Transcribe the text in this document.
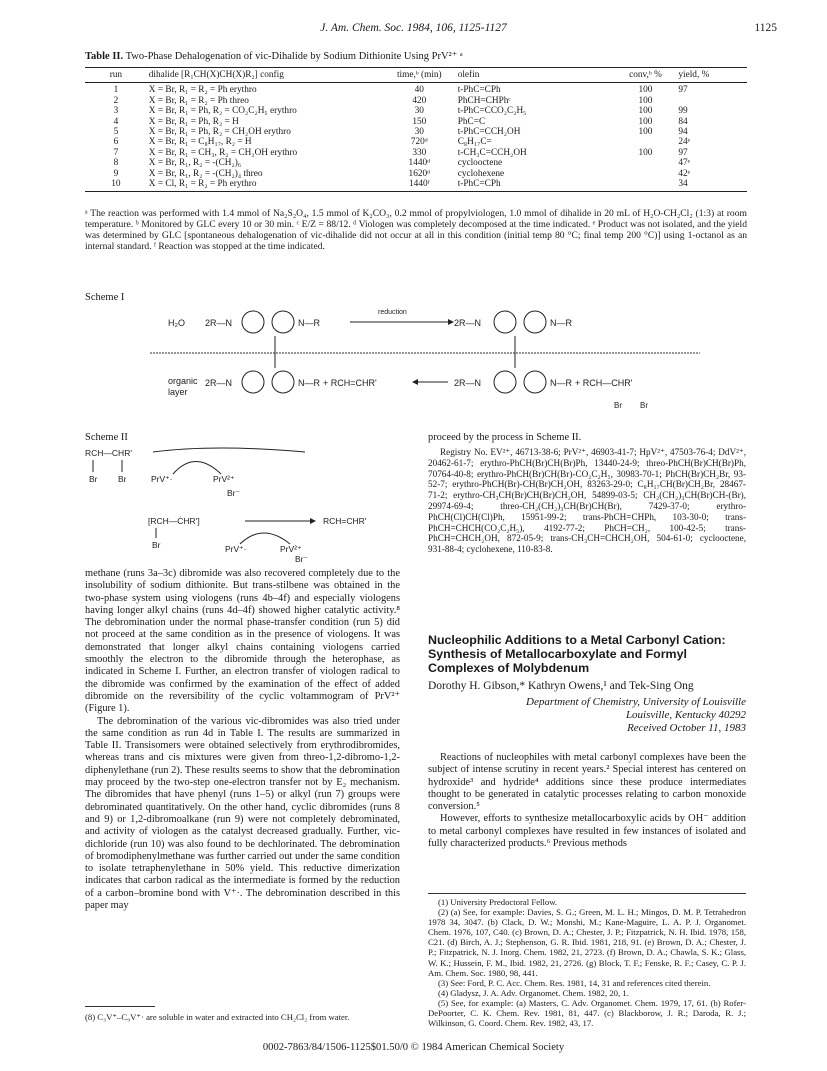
J. Am. Chem. Soc. 1984, 106, 1125-1127	1125
Table II. Two-Phase Dehalogenation of vic-Dihalide by Sodium Dithionite Using PrV²⁺ ᵃ
run	dihalide [R₁CH(X)CH(X)R₂] config	time,ᵇ (min)	olefin	conv,ᵇ %	yield, %
1	X = Br, R₁ = R₂ = Ph erythro	40	t-PhC=CPh	100	97
2	X = Br, R₁ = R₂ = Ph threo	420	PhCH=CHPhᶜ	100	
3	X = Br, R₁ = Ph, R₂ = CO₂C₂H₅ erythro	30	t-PhC=CCO₂C₂H₅	100	99
4	X = Br, R₁ = Ph, R₂ = H	150	PhC=C	100	84
5	X = Br, R₁ = Ph, R₂ = CH₂OH erythro	30	t-PhC=CCH₂OH	100	94
6	X = Br, R₁ = C₈H₁₇, R₂ = H	720ᵈ	C₈H₁₇C=		24ᵉ
7	X = Br, R₁ = CH₃, R₂ = CH₂OH erythro	330	t-CH₃C=CCH₂OH	100	97
8	X = Br, R₁, R₂ = -(CH₂)₆	1440ᵈ	cyclooctene		47ᵉ
9	X = Br, R₁, R₂ = -(CH₂)₄ threo	1620ᵈ	cyclohexene		42ᵉ
10	X = Cl, R₁ = R₂ = Ph erythro	1440ᶠ	t-PhC=CPh		34
ᵃ The reaction was performed with 1.4 mmol of Na₂S₂O₄, 1.5 mmol of K₂CO₃, 0.2 mmol of propylviologen, 1.0 mmol of dihalide in 20 mL of H₂O-CH₂Cl₂ (1:3) at room temperature. ᵇ Monitored by GLC every 10 or 30 min. ᶜ E/Z = 88/12. ᵈ Viologen was completely decomposed at the time indicated. ᵉ Product was not isolated, and the yield was determined by GLC [spontaneous dehalogenation of vic-dihalide did not occur at all in this condition (initial temp 80 °C; final temp 200 °C)] using 1-octanol as an internal standard. ᶠ Reaction was stopped at the time indicated.
Scheme I
H₂O 2R—N	N—R
reduction
2R—N	N—R
organic
layer
2R—N	N—R + RCH=CHR'	2R—N	N—R + RCH—CHR'
Br Br
Scheme II
RCH—CHR'
Br Br	PrV⁺·	PrV²⁺
Br⁻
[RCH—ĊHR']	RCH=CHR'
Br	PrV⁺·	PrV²⁺
Br⁻

methane (runs 3a–3c) dibromide was also recovered completely due to the insolubility of sodium dithionite. But trans-stilbene was obtained in the two-phase system using viologens (runs 4b–4f) and especially viologens having longer alkyl chains (runs 4d–4f) showed higher catalytic activity.⁸ The debromination under the normal phase-transfer condition (run 5) did not proceed at the same condition as in the presence of viologens. It was demonstrated that longer alkyl chains containing viologens carried smoothly the electron to the dibromide through the heterophase, as indicated in Scheme I. Further, an electron transfer of viologen radical to the dibromide was confirmed by the examination of the effect of added dibromide on the reversibility of the cyclic voltammogram of PrV²⁺ (Figure 1).

The debromination of the various vic-dibromides was also tried under the same condition as run 4d in Table I. The results are summarized in Table II. Transisomers were obtained selectively from erythrodibromides, whereas trans and cis mixtures were given from threo-1,2-dibromo-1,2-diphenylethane (run 2). These results seems to show that the debromination may proceed by the two-step one-electron transfer not by E₂ mechanism. The dibromides that have phenyl (runs 1–5) or alkyl (run 7) groups were debrominated quantitatively. On the other hand, cyclic dibromides (runs 8 and 9) or 1,2-dibromoalkane (run 9) were not completely debrominated, and activity of viologen as the catalyst decreased gradually. Further, vic-dichloride (run 10) was also found to be dechlorinated. The debromination of bromodiphenylmethane was further carried out under the same condition to isolate tetraphenylethane in 50% yield. This reductive dimerization indicates that carbon radical as the intermediate is formed by the reduction of a carbon–bromine bond with V⁺·. The debromination described in this paper may

(8) C₃V⁺–C₉V⁺· are soluble in water and extracted into CH₂Cl₂ from water.
proceed by the process in Scheme II.
Registry No. EV²⁺, 46713-38-6; PrV²⁺, 46903-41-7; HpV²⁺, 47503-76-4; DdV²⁺, 20462-61-7; erythro-PhCH(Br)CH(Br)Ph, 13440-24-9; threo-PhCH(Br)CH(Br)Ph, 70764-40-8; erythro-PhCH(Br)CH(Br)-CO₂C₂H₅, 30983-70-1; PhCH(Br)CH₂Br, 93-52-7; erythro-PhCH(Br)-CH(Br)CH₂OH, 83263-29-0; C₈H₁₇CH(Br)CH₂Br, 28467-71-2; erythro-CH₃CH(Br)CH(Br)CH₂OH, 54899-03-5; CH₂(CH₂)₃CH(Br)CH-(Br), 29974-69-4; threo-CH₂(CH₂)₃CH(Br)CH(Br), 7429-37-0; erythro-PhCH(Cl)CH(Cl)Ph, 15951-99-2; trans-PhCH=CHPh, 103-30-0; trans-PhCH=CHCH(CO₂C₂H₅), 4192-77-2; PhCH=CH₂, 100-42-5; trans-PhCH=CHCH₂OH, 872-05-9; trans-CH₃CH=CHCH₂OH, 504-61-0; cyclooctene, 931-88-4; cyclohexene, 110-83-8.
Nucleophilic Additions to a Metal Carbonyl Cation: Synthesis of Metallocarboxylate and Formyl Complexes of Molybdenum
Dorothy H. Gibson,* Kathryn Owens,¹ and Tek-Sing Ong
Department of Chemistry, University of Louisville
Louisville, Kentucky 40292
Received October 11, 1983

Reactions of nucleophiles with metal carbonyl complexes have been the subject of intense scrutiny in recent years.² Special interest has centered on hydroxide³ and hydride⁴ additions since these produce intermediates thought to be generated in catalytic processes relating to carbon monoxide conversion.⁵

However, efforts to synthesize metallocarboxylic acids by OH⁻ addition to metal carbonyl complexes have resulted in few instances of isolated and fully characterized products.⁶ Previous methods

(1) University Predoctoral Fellow.
(2) (a) See, for example: Davies, S. G.; Green, M. L. H.; Mingos, D. M. P. Tetrahedron 1978 34, 3047. (b) Clack, D. W.; Monshi, M.; Kane-Maguire, L. A. P. J. Organomet. Chem. 1976, 107, C40. (c) Brown, D. A.; Chester, J. P.; Fitzpatrick, N. H. Ibid. 1978, 158, C21. (d) Birch, A. J.; Stephenson, G. R. Ibid. 1981, 218, 91. (e) Brown, D. A.; Chester, J. P.; Fitzpatrick, N. J. Inorg. Chem. 1982, 21, 2723. (f) Brown, D. A.; Chawla, S. K.; Glass, W. K.; Hussein, F. M., Ibid. 1982, 21, 2726. (g) Block, T. F.; Fenske, R. F.; Casey, C. P. J. Am. Chem. Soc. 1980, 98, 441.
(3) See: Ford, P. C. Acc. Chem. Res. 1981, 14, 31 and references cited therein.
(4) Gladysz, J. A. Adv. Organomet. Chem. 1982, 20, 1.
(5) See, for example: (a) Masters, C. Adv. Organomet. Chem. 1979, 17, 61. (b) Rofer-DePoorter, C. K. Chem. Rev. 1981, 81, 447. (c) Blackborow, J. R.; Daroda, R. J.; Wilkinson, G. Coord. Chem. Rev. 1982, 43, 17.
0002-7863/84/1506-1125$01.50/0 © 1984 American Chemical Society
